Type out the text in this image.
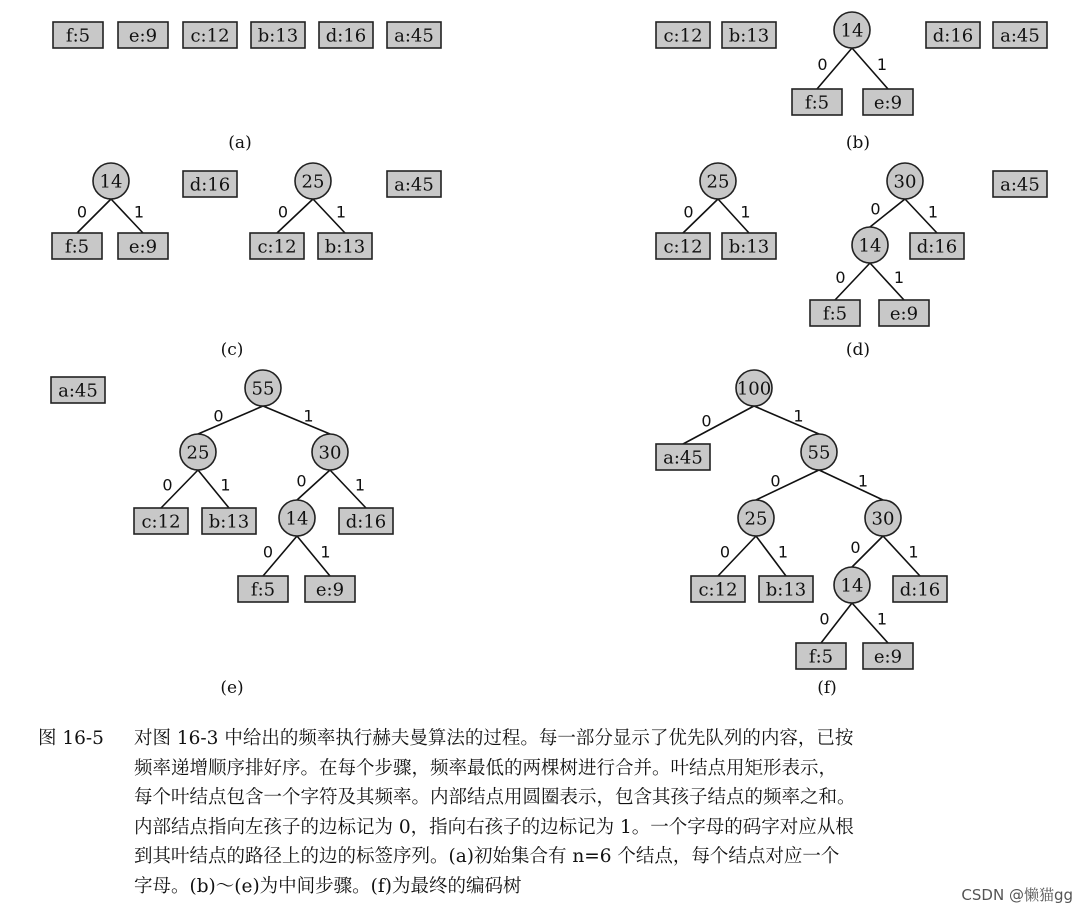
f:5 e:9 c:12 b:13 d:16 a:45
(a)
0	1
c:12 b:13	14
f:5 e:9
d:16 a:45
(b)
0	1	0	1
14
f:5 e:9
d:16	25
c:12 b:13
a:45
(c)
0	1	0	1
0	1
25
c:12 b:13
30
14 d:16
f:5 e:9
a:45
(d)
0	1
0	1	0	1
0	1
a:45	55
25	30
c:12 b:13 14 d:16
f:5 e:9
(e)
0	1
0	1
0	1	0	1
0	1
100
a:45	55
25	30
c:12 b:13 14 d:16
f:5 e:9
(f)
图 16-5	对图 16-3 中给出的频率执行赫夫曼算法的过程。每一部分显示了优先队列的内容，已按
频率递增顺序排好序。在每个步骤，频率最低的两棵树进行合并。叶结点用矩形表示，
每个叶结点包含一个字符及其频率。内部结点用圆圈表示，包含其孩子结点的频率之和。
内部结点指向左孩子的边标记为 0，指向右孩子的边标记为 1。一个字母的码字对应从根
到其叶结点的路径上的边的标签序列。(a)初始集合有 n=6 个结点，每个结点对应一个
字母。(b)～(e)为中间步骤。(f)为最终的编码树	CSDN @懒猫gg
